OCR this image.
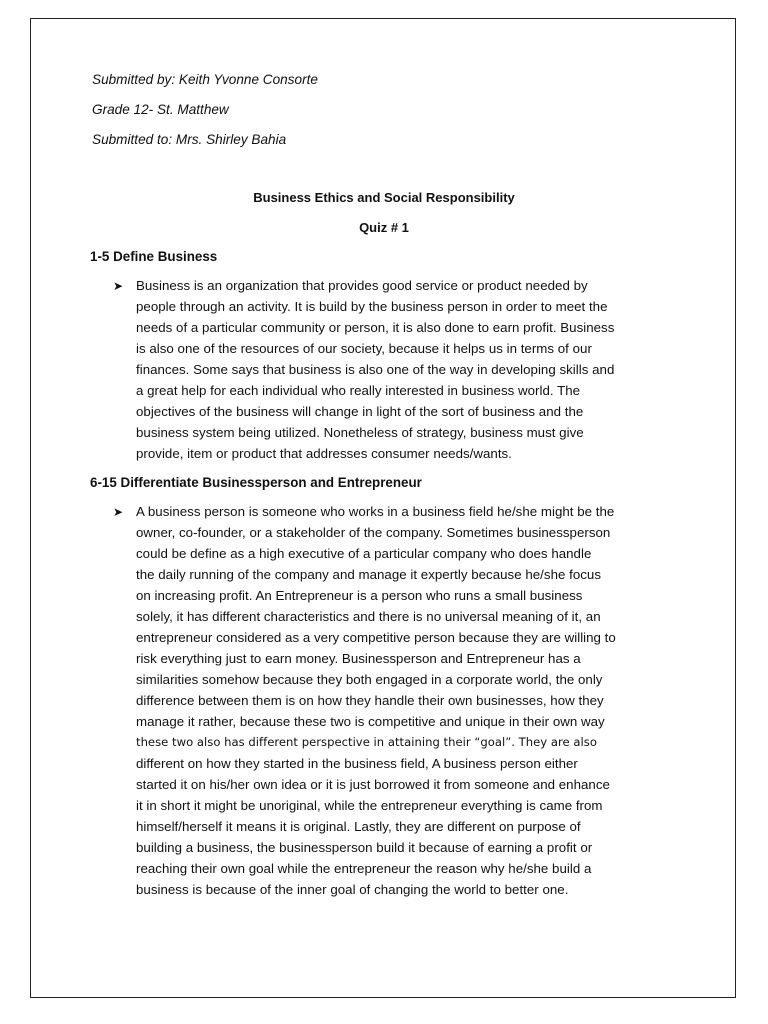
Submitted by: Keith Yvonne Consorte
Grade 12- St. Matthew
Submitted to: Mrs. Shirley Bahia
Business Ethics and Social Responsibility
Quiz # 1
1-5 Define Business
➤ Business is an organization that provides good service or product needed by
people through an activity. It is build by the business person in order to meet the
needs of a particular community or person, it is also done to earn profit. Business
is also one of the resources of our society, because it helps us in terms of our
finances. Some says that business is also one of the way in developing skills and
a great help for each individual who really interested in business world. The
objectives of the business will change in light of the sort of business and the
business system being utilized. Nonetheless of strategy, business must give
provide, item or product that addresses consumer needs/wants.
6-15 Differentiate Businessperson and Entrepreneur
➤ A business person is someone who works in a business field he/she might be the
owner, co-founder, or a stakeholder of the company. Sometimes businessperson
could be define as a high executive of a particular company who does handle
the daily running of the company and manage it expertly because he/she focus
on increasing profit. An Entrepreneur is a person who runs a small business
solely, it has different characteristics and there is no universal meaning of it, an
entrepreneur considered as a very competitive person because they are willing to
risk everything just to earn money. Businessperson and Entrepreneur has a
similarities somehow because they both engaged in a corporate world, the only
difference between them is on how they handle their own businesses, how they
manage it rather, because these two is competitive and unique in their own way
these two also has different perspective in attaining their “goal”. They are also
different on how they started in the business field, A business person either
started it on his/her own idea or it is just borrowed it from someone and enhance
it in short it might be unoriginal, while the entrepreneur everything is came from
himself/herself it means it is original. Lastly, they are different on purpose of
building a business, the businessperson build it because of earning a profit or
reaching their own goal while the entrepreneur the reason why he/she build a
business is because of the inner goal of changing the world to better one.
